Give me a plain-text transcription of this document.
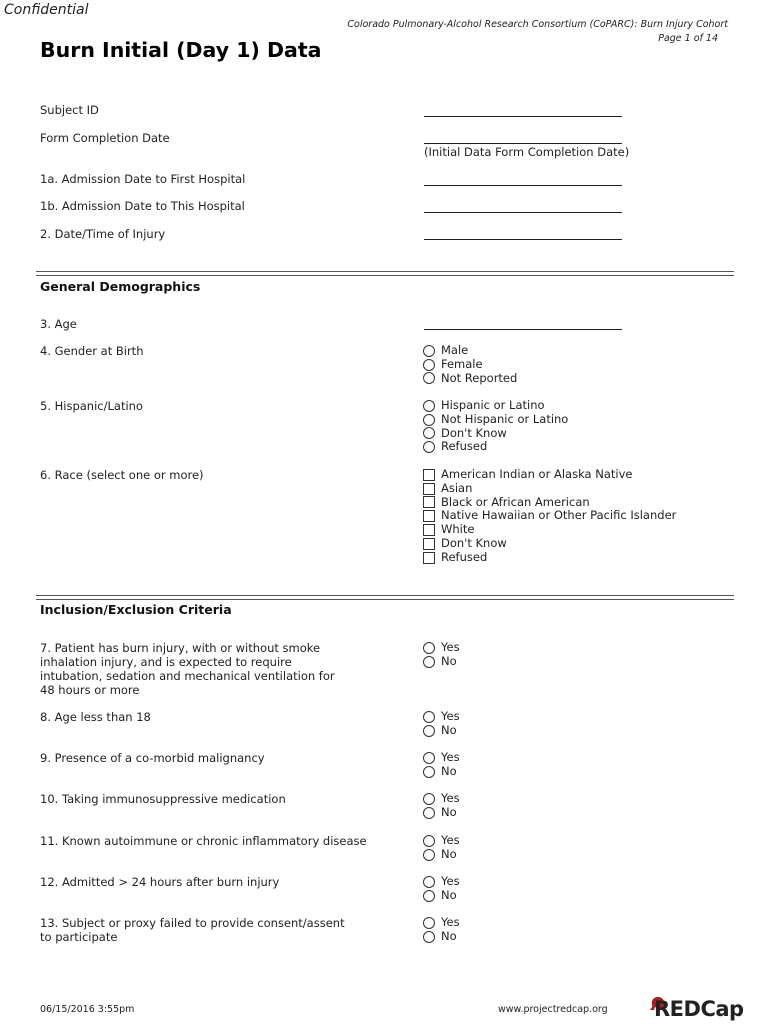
Confidential
Colorado Pulmonary-Alcohol Research Consortium (CoPARC): Burn Injury Cohort
Page 1 of 14
Burn Initial (Day 1) Data
Subject ID
Form Completion Date
(Initial Data Form Completion Date)
1a. Admission Date to First Hospital
1b. Admission Date to This Hospital
2. Date/Time of Injury
General Demographics
3. Age
4. Gender at Birth	Male
Female
Not Reported
5. Hispanic/Latino	Hispanic or Latino
Not Hispanic or Latino
Don't Know
Refused
6. Race (select one or more)	American Indian or Alaska Native
Asian
Black or African American
Native Hawaiian or Other Pacific Islander
White
Don't Know
Refused
Inclusion/Exclusion Criteria
7. Patient has burn injury, with or without smoke
inhalation injury, and is expected to require
intubation, sedation and mechanical ventilation for
48 hours or more
Yes
No
8. Age less than 18	Yes
No
9. Presence of a co-morbid malignancy	Yes
No
10. Taking immunosuppressive medication	Yes
No
11. Known autoimmune or chronic inflammatory disease	Yes
No
12. Admitted > 24 hours after burn injury	Yes
No
13. Subject or proxy failed to provide consent/assent
to participate
Yes
No
06/15/2016 3:55pm	www.projectredcap.org REDCap
